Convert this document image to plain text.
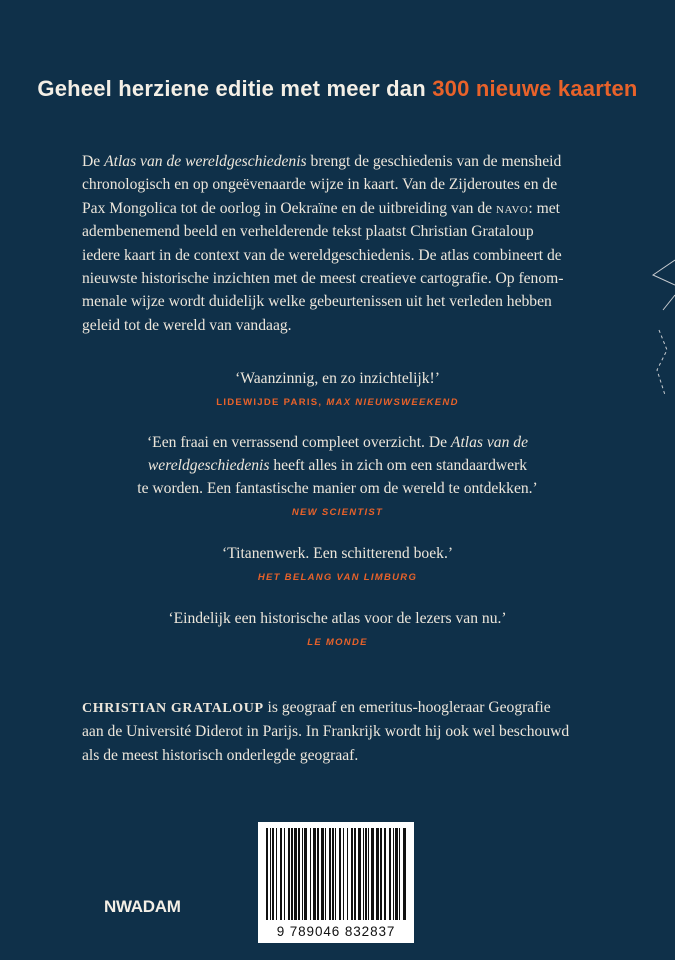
Geheel herziene editie met meer dan 300 nieuwe kaarten
De Atlas van de wereldgeschiedenis brengt de geschiedenis van de mensheid
chronologisch en op ongeëvenaarde wijze in kaart. Van de Zijderoutes en de
Pax Mongolica tot de oorlog in Oekraïne en de uitbreiding van de navo: met
adembenemend beeld en verhelderende tekst plaatst Christian Grataloup
iedere kaart in de context van de wereldgeschiedenis. De atlas combineert de
nieuwste historische inzichten met de meest creatieve cartografie. Op fenom-
menale wijze wordt duidelijk welke gebeurtenissen uit het verleden hebben
geleid tot de wereld van vandaag.
‘Waanzinnig, en zo inzichtelijk!’
LIDEWIJDE PARIS, MAX NIEUWSWEEKEND
‘Een fraai en verrassend compleet overzicht. De Atlas van de
wereldgeschiedenis heeft alles in zich om een standaardwerk
te worden. Een fantastische manier om de wereld te ontdekken.’
NEW SCIENTIST
‘Titanenwerk. Een schitterend boek.’
HET BELANG VAN LIMBURG
‘Eindelijk een historische atlas voor de lezers van nu.’
LE MONDE
CHRISTIAN GRATALOUP is geograaf en emeritus-hoogleraar Geografie
aan de Université Diderot in Parijs. In Frankrijk wordt hij ook wel beschouwd
als de meest historisch onderlegde geograaf.
NWADAM
9 789046 832837
